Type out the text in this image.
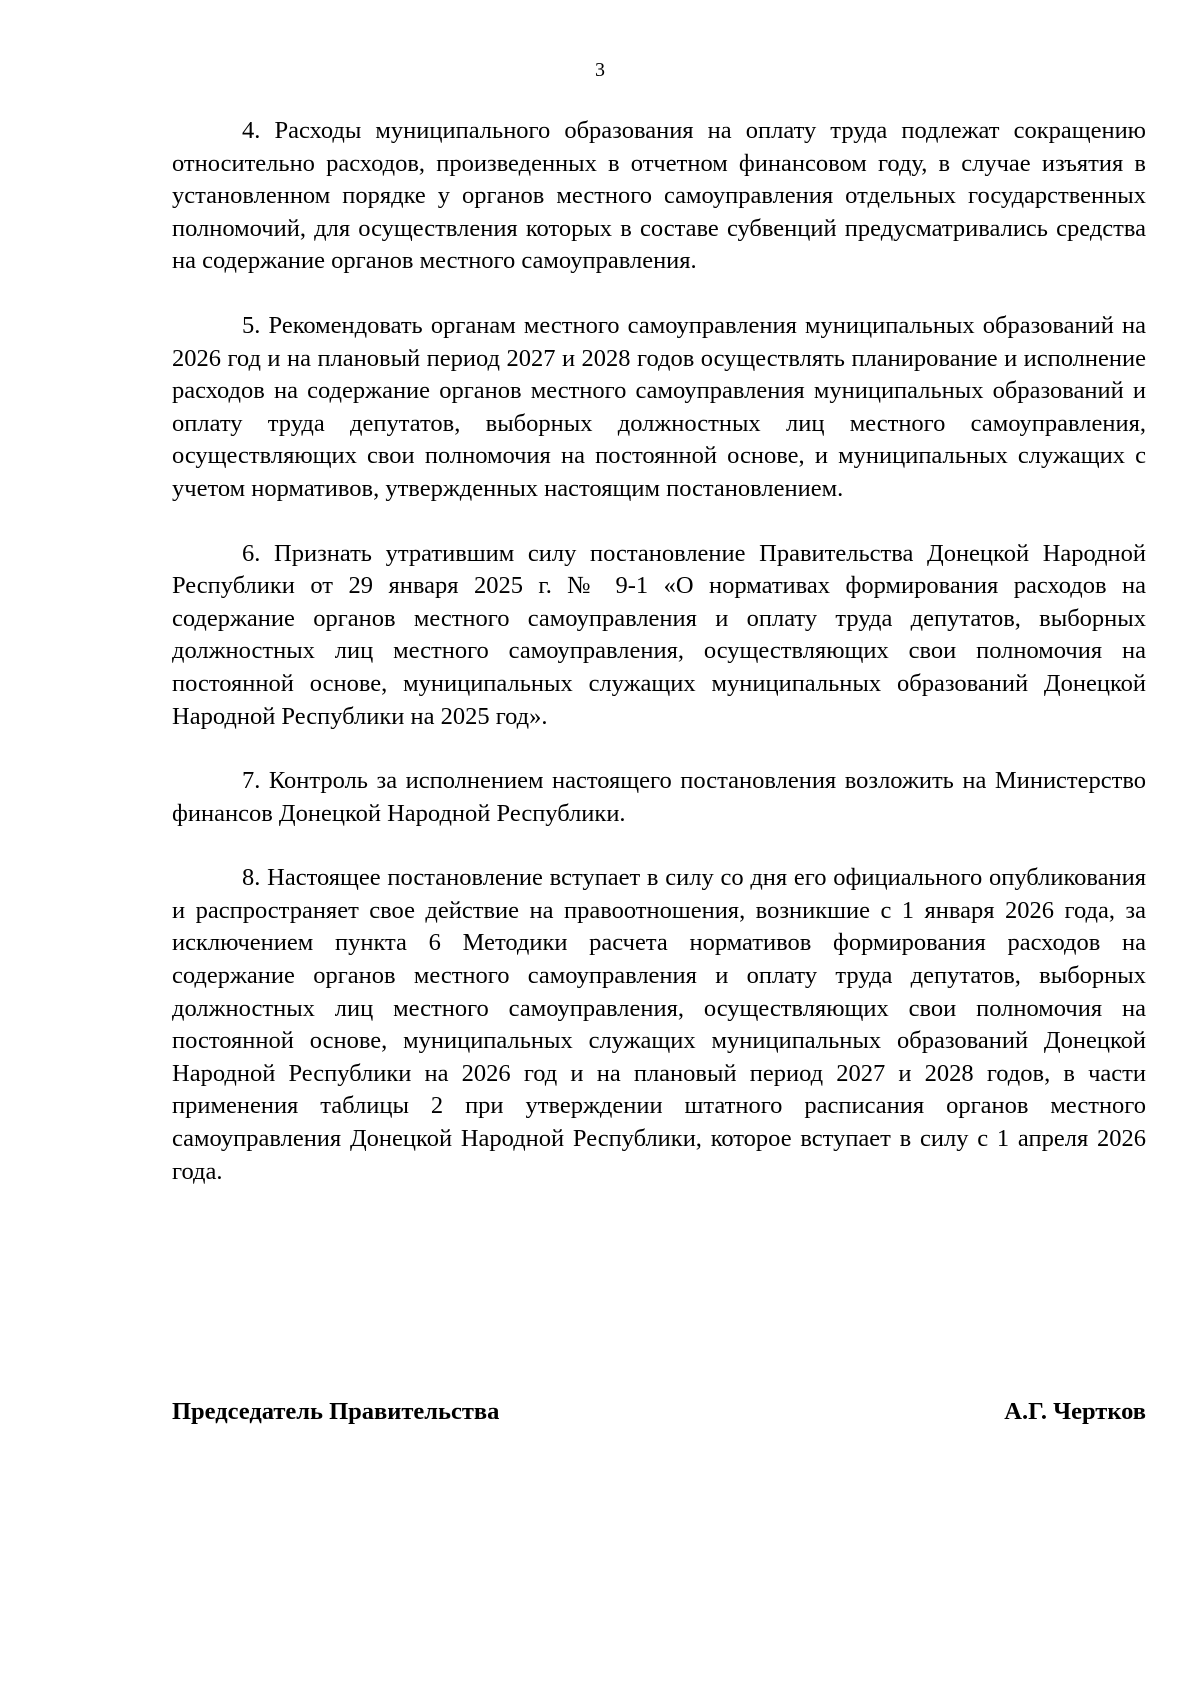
3

4. Расходы муниципального образования на оплату труда подлежат сокращению относительно расходов, произведенных в отчетном финансовом году, в случае изъятия в установленном порядке у органов местного самоуправления отдельных государственных полномочий, для осуществления которых в составе субвенций предусматривались средства на содержание органов местного самоуправления.

5. Рекомендовать органам местного самоуправления муниципальных образований на 2026 год и на плановый период 2027 и 2028 годов осуществлять планирование и исполнение расходов на содержание органов местного самоуправления муниципальных образований и оплату труда депутатов, выборных должностных лиц местного самоуправления, осуществляющих свои полномочия на постоянной основе, и муниципальных служащих с учетом нормативов, утвержденных настоящим постановлением.

6. Признать утратившим силу постановление Правительства Донецкой Народной Республики от 29 января 2025 г. № 9-1 «О нормативах формирования расходов на содержание органов местного самоуправления и оплату труда депутатов, выборных должностных лиц местного самоуправления, осуществляющих свои полномочия на постоянной основе, муниципальных служащих муниципальных образований Донецкой Народной Республики на 2025 год».

7. Контроль за исполнением настоящего постановления возложить на Министерство финансов Донецкой Народной Республики.

8. Настоящее постановление вступает в силу со дня его официального опубликования и распространяет свое действие на правоотношения, возникшие с 1 января 2026 года, за исключением пункта 6 Методики расчета нормативов формирования расходов на содержание органов местного самоуправления и оплату труда депутатов, выборных должностных лиц местного самоуправления, осуществляющих свои полномочия на постоянной основе, муниципальных служащих муниципальных образований Донецкой Народной Республики на 2026 год и на плановый период 2027 и 2028 годов, в части применения таблицы 2 при утверждении штатного расписания органов местного самоуправления Донецкой Народной Республики, которое вступает в силу с 1 апреля 2026 года.

Председатель Правительства	А.Г. Чертков
